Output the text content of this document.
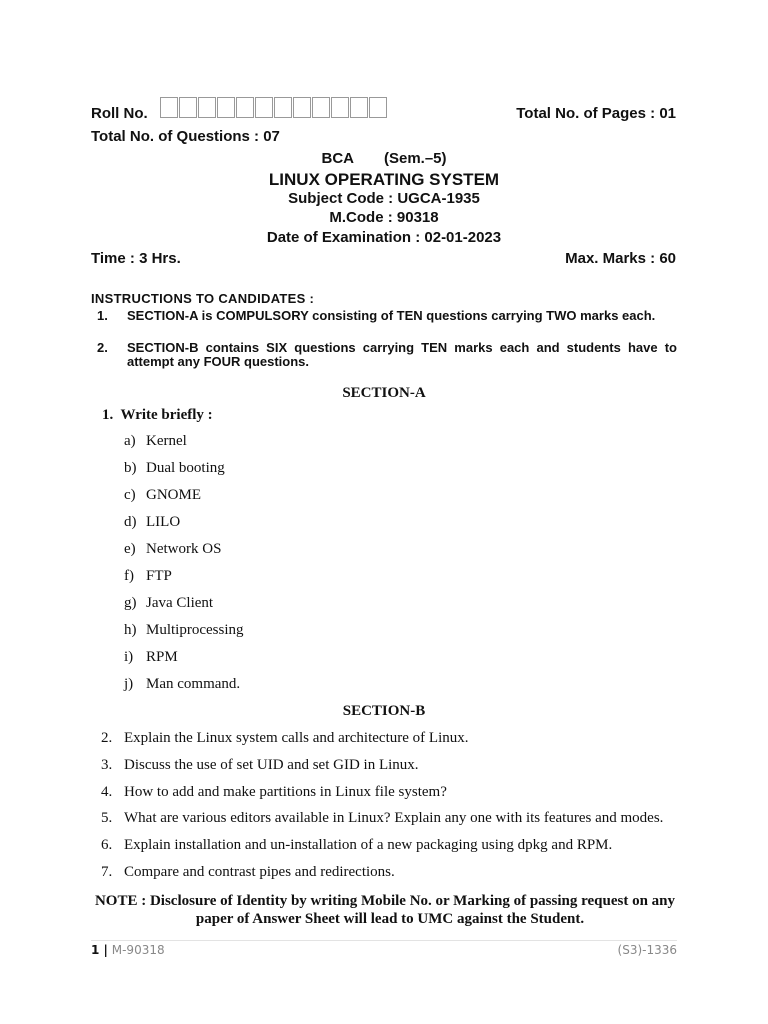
Roll No.	Total No. of Pages : 01
Total No. of Questions : 07
BCA (Sem.–5)
LINUX OPERATING SYSTEM
Subject Code : UGCA-1935
M.Code : 90318
Date of Examination : 02-01-2023
Time : 3 Hrs.	Max. Marks : 60
INSTRUCTIONS TO CANDIDATES :
1. SECTION-A is COMPULSORY consisting of TEN questions carrying TWO marks each.
2. SECTION-B contains SIX questions carrying TEN marks each and students have to attempt any FOUR questions.
SECTION-A
1.  Write briefly :
a) Kernel
b) Dual booting
c) GNOME
d) LILO
e) Network OS
f) FTP
g) Java Client
h) Multiprocessing
i) RPM
j) Man command.
SECTION-B
2. Explain the Linux system calls and architecture of Linux.
3. Discuss the use of set UID and set GID in Linux.
4. How to add and make partitions in Linux file system?
5. What are various editors available in Linux? Explain any one with its features and modes.
6. Explain installation and un-installation of a new packaging using dpkg and RPM.
7. Compare and contrast pipes and redirections.
NOTE : Disclosure of Identity by writing Mobile No. or Marking of passing request on any
paper of Answer Sheet will lead to UMC against the Student.
1 | M-90318	(S3)-1336
